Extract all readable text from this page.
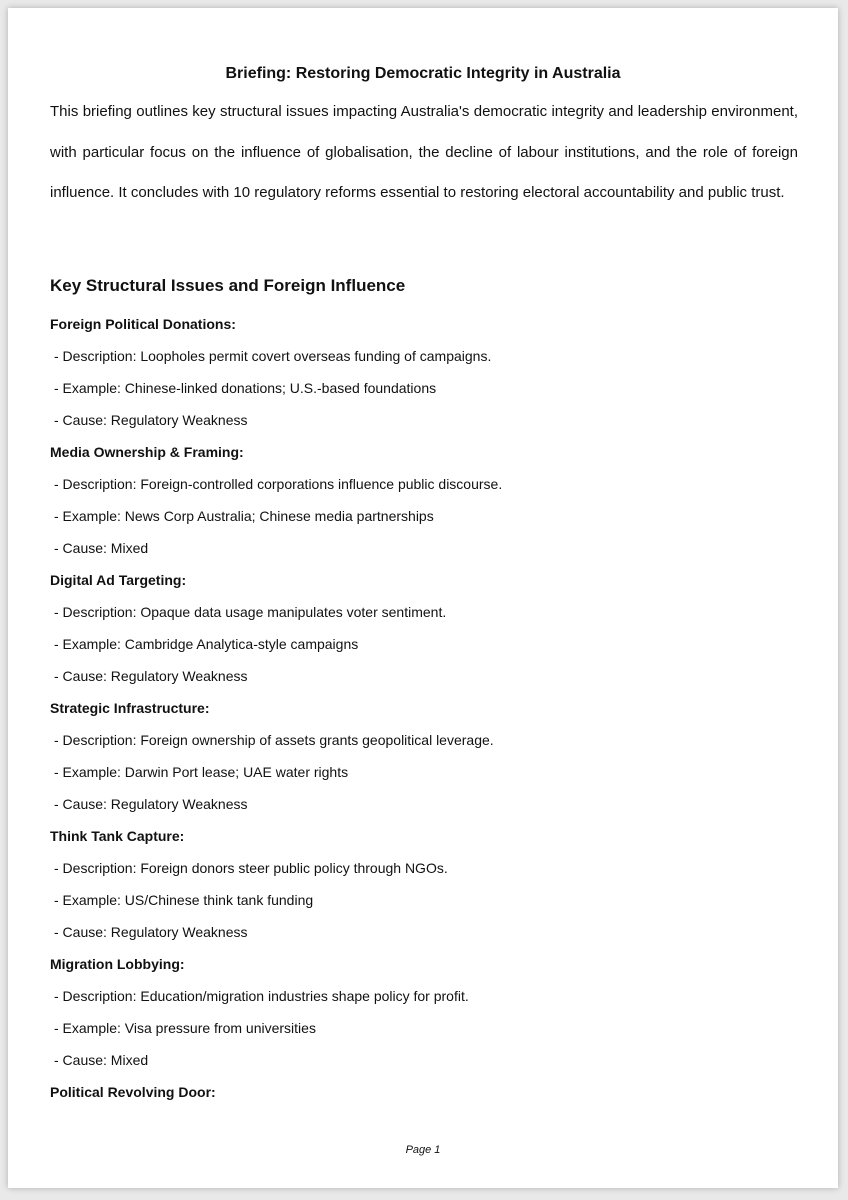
Briefing: Restoring Democratic Integrity in Australia

This briefing outlines key structural issues impacting Australia's democratic integrity and leadership environment, with particular focus on the influence of globalisation, the decline of labour institutions, and the role of foreign influence. It concludes with 10 regulatory reforms essential to restoring electoral accountability and public trust.

Key Structural Issues and Foreign Influence
Foreign Political Donations:
- Description: Loopholes permit covert overseas funding of campaigns.
- Example: Chinese-linked donations; U.S.-based foundations
- Cause: Regulatory Weakness
Media Ownership & Framing:
- Description: Foreign-controlled corporations influence public discourse.
- Example: News Corp Australia; Chinese media partnerships
- Cause: Mixed
Digital Ad Targeting:
- Description: Opaque data usage manipulates voter sentiment.
- Example: Cambridge Analytica-style campaigns
- Cause: Regulatory Weakness
Strategic Infrastructure:
- Description: Foreign ownership of assets grants geopolitical leverage.
- Example: Darwin Port lease; UAE water rights
- Cause: Regulatory Weakness
Think Tank Capture:
- Description: Foreign donors steer public policy through NGOs.
- Example: US/Chinese think tank funding
- Cause: Regulatory Weakness
Migration Lobbying:
- Description: Education/migration industries shape policy for profit.
- Example: Visa pressure from universities
- Cause: Mixed
Political Revolving Door:
Page 1
